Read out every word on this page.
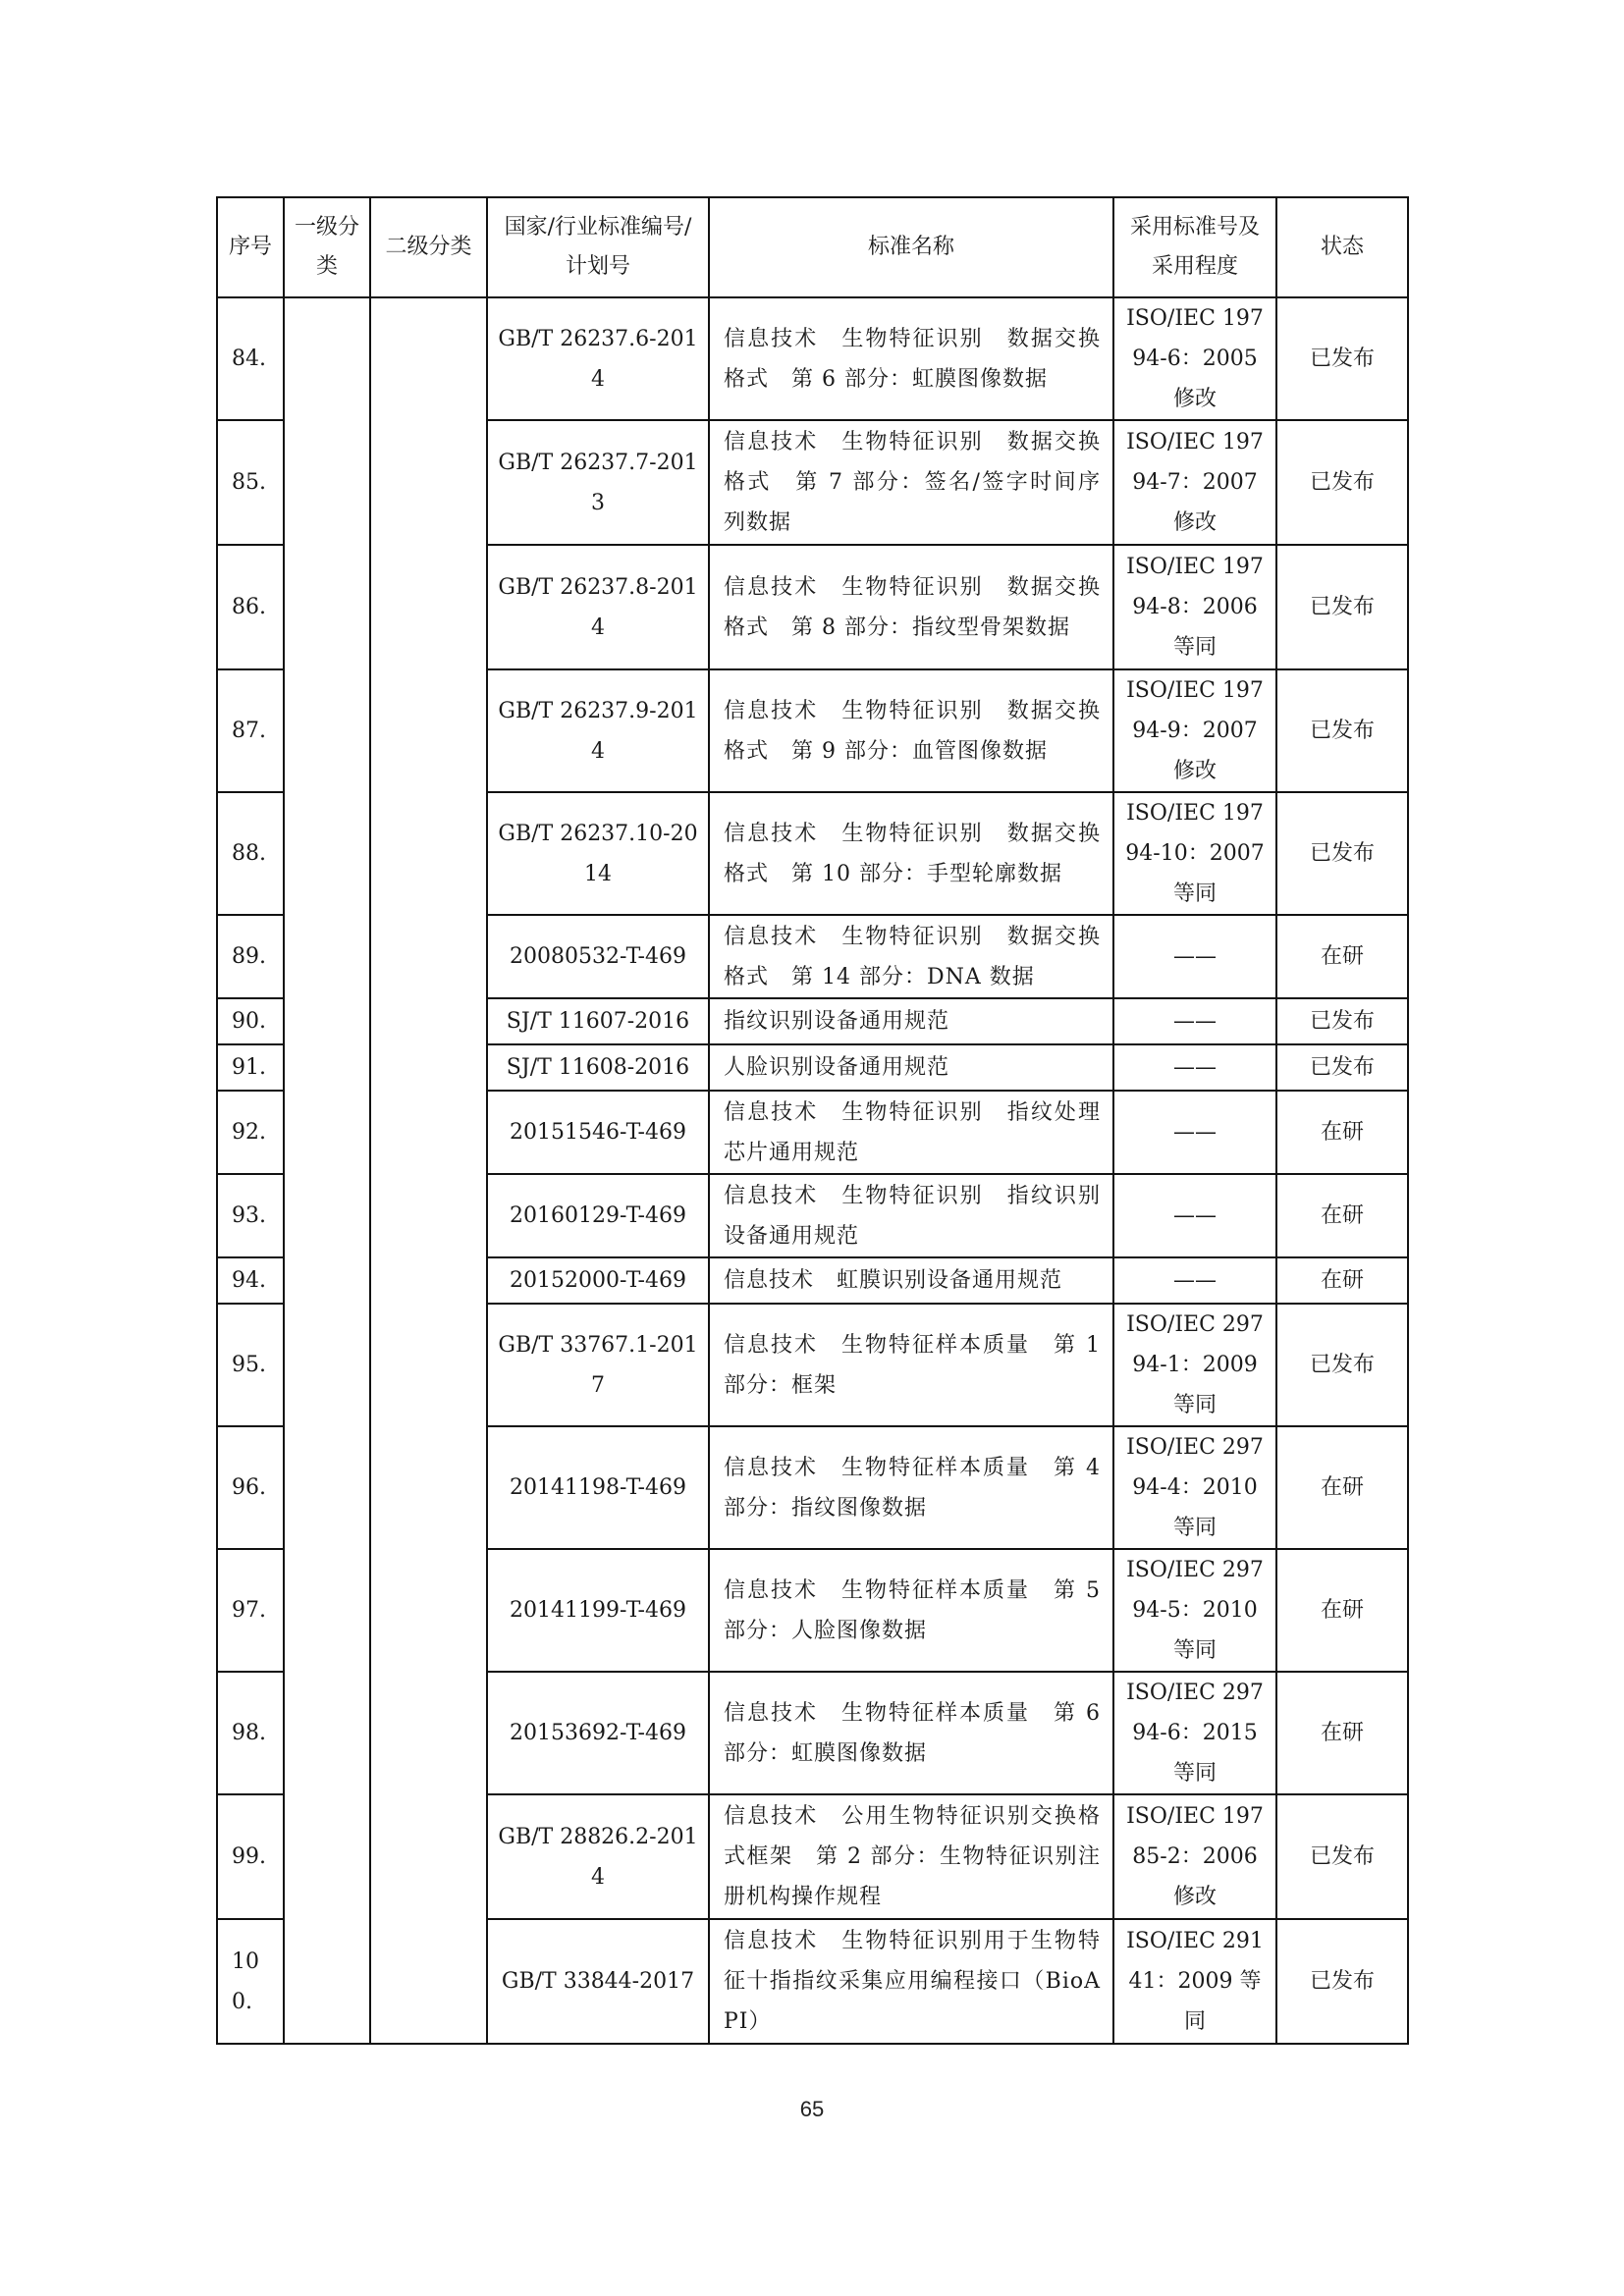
序号	一级分类	二级分类	国家/行业标准编号/计划号	标准名称	采用标准号及采用程度	状态
84.			GB/T 26237.6-2014	信息技术　生物特征识别　数据交换格式　第 6 部分：虹膜图像数据	ISO/IEC 19794-6：2005 修改	已发布
85.			GB/T 26237.7-2013	信息技术　生物特征识别　数据交换格式　第 7 部分：签名/签字时间序列数据	ISO/IEC 19794-7：2007 修改	已发布
86.			GB/T 26237.8-2014	信息技术　生物特征识别　数据交换格式　第 8 部分：指纹型骨架数据	ISO/IEC 19794-8：2006 等同	已发布
87.			GB/T 26237.9-2014	信息技术　生物特征识别　数据交换格式　第 9 部分：血管图像数据	ISO/IEC 19794-9：2007 修改	已发布
88.			GB/T 26237.10-2014	信息技术　生物特征识别　数据交换格式　第 10 部分：手型轮廓数据	ISO/IEC 19794-10：2007 等同	已发布
89.			20080532-T-469	信息技术　生物特征识别　数据交换格式　第 14 部分：DNA 数据	——	在研
90.			SJ/T 11607-2016	指纹识别设备通用规范	——	已发布
91.			SJ/T 11608-2016	人脸识别设备通用规范	——	已发布
92.			20151546-T-469	信息技术　生物特征识别　指纹处理芯片通用规范	——	在研
93.			20160129-T-469	信息技术　生物特征识别　指纹识别设备通用规范	——	在研
94.			20152000-T-469	信息技术　虹膜识别设备通用规范	——	在研
95.			GB/T 33767.1-2017	信息技术　生物特征样本质量　第 1 部分：框架	ISO/IEC 29794-1：2009 等同	已发布
96.			20141198-T-469	信息技术　生物特征样本质量　第 4 部分：指纹图像数据	ISO/IEC 29794-4：2010 等同	在研
97.			20141199-T-469	信息技术　生物特征样本质量　第 5 部分：人脸图像数据	ISO/IEC 29794-5：2010 等同	在研
98.			20153692-T-469	信息技术　生物特征样本质量　第 6 部分：虹膜图像数据	ISO/IEC 29794-6：2015 等同	在研
99.			GB/T 28826.2-2014	信息技术　公用生物特征识别交换格式框架　第 2 部分：生物特征识别注册机构操作规程	ISO/IEC 19785-2：2006 修改	已发布
100.			GB/T 33844-2017	信息技术　生物特征识别用于生物特征十指指纹采集应用编程接口（BioAPI）	ISO/IEC 29141：2009 等同	已发布
65
